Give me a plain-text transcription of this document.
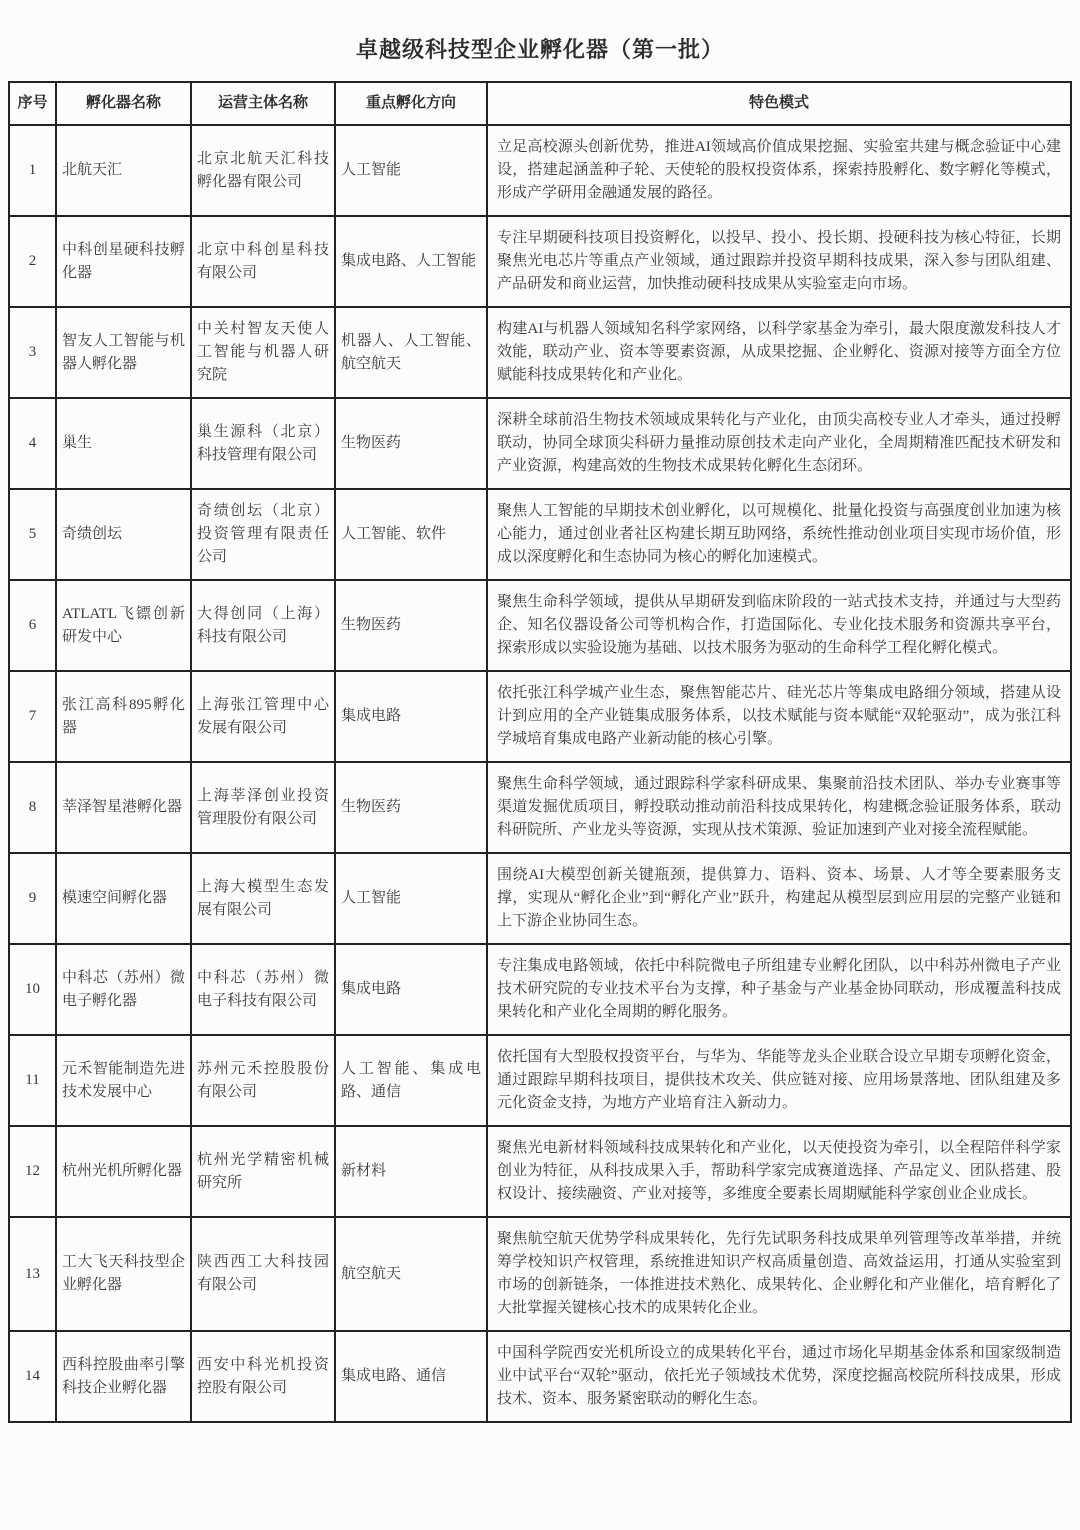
卓越级科技型企业孵化器（第一批）
序号	孵化器名称	运营主体名称	重点孵化方向	特色模式
1	北航天汇	北京北航天汇科技孵化器有限公司	人工智能	立足高校源头创新优势，推进AI领域高价值成果挖掘、实验室共建与概念验证中心建设，搭建起涵盖种子轮、天使轮的股权投资体系，探索持股孵化、数字孵化等模式，形成产学研用金融通发展的路径。
2	中科创星硬科技孵化器	北京中科创星科技有限公司	集成电路、人工智能	专注早期硬科技项目投资孵化，以投早、投小、投长期、投硬科技为核心特征，长期聚焦光电芯片等重点产业领域，通过跟踪并投资早期科技成果，深入参与团队组建、产品研发和商业运营，加快推动硬科技成果从实验室走向市场。
3	智友人工智能与机器人孵化器	中关村智友天使人工智能与机器人研究院	机器人、人工智能、航空航天	构建AI与机器人领域知名科学家网络，以科学家基金为牵引，最大限度激发科技人才效能，联动产业、资本等要素资源，从成果挖掘、企业孵化、资源对接等方面全方位赋能科技成果转化和产业化。
4	巢生	巢生源科（北京）科技管理有限公司	生物医药	深耕全球前沿生物技术领域成果转化与产业化，由顶尖高校专业人才牵头，通过投孵联动，协同全球顶尖科研力量推动原创技术走向产业化，全周期精准匹配技术研发和产业资源，构建高效的生物技术成果转化孵化生态闭环。
5	奇绩创坛	奇绩创坛（北京）投资管理有限责任公司	人工智能、软件	聚焦人工智能的早期技术创业孵化，以可规模化、批量化投资与高强度创业加速为核心能力，通过创业者社区构建长期互助网络，系统性推动创业项目实现市场价值，形成以深度孵化和生态协同为核心的孵化加速模式。
6	ATLATL飞镖创新研发中心	大得创同（上海）科技有限公司	生物医药	聚焦生命科学领域，提供从早期研发到临床阶段的一站式技术支持，并通过与大型药企、知名仪器设备公司等机构合作，打造国际化、专业化技术服务和资源共享平台，探索形成以实验设施为基础、以技术服务为驱动的生命科学工程化孵化模式。
7	张江高科895孵化器	上海张江管理中心发展有限公司	集成电路	依托张江科学城产业生态，聚焦智能芯片、硅光芯片等集成电路细分领域，搭建从设计到应用的全产业链集成服务体系，以技术赋能与资本赋能“双轮驱动”，成为张江科学城培育集成电路产业新动能的核心引擎。
8	莘泽智星港孵化器	上海莘泽创业投资管理股份有限公司	生物医药	聚焦生命科学领域，通过跟踪科学家科研成果、集聚前沿技术团队、举办专业赛事等渠道发掘优质项目，孵投联动推动前沿科技成果转化，构建概念验证服务体系，联动科研院所、产业龙头等资源，实现从技术策源、验证加速到产业对接全流程赋能。
9	模速空间孵化器	上海大模型生态发展有限公司	人工智能	围绕AI大模型创新关键瓶颈，提供算力、语料、资本、场景、人才等全要素服务支撑，实现从“孵化企业”到“孵化产业”跃升，构建起从模型层到应用层的完整产业链和上下游企业协同生态。
10	中科芯（苏州）微电子孵化器	中科芯（苏州）微电子科技有限公司	集成电路	专注集成电路领域，依托中科院微电子所组建专业孵化团队，以中科苏州微电子产业技术研究院的专业技术平台为支撑，种子基金与产业基金协同联动，形成覆盖科技成果转化和产业化全周期的孵化服务。
11	元禾智能制造先进技术发展中心	苏州元禾控股股份有限公司	人工智能、集成电路、通信	依托国有大型股权投资平台，与华为、华能等龙头企业联合设立早期专项孵化资金，通过跟踪早期科技项目，提供技术攻关、供应链对接、应用场景落地、团队组建及多元化资金支持，为地方产业培育注入新动力。
12	杭州光机所孵化器	杭州光学精密机械研究所	新材料	聚焦光电新材料领域科技成果转化和产业化，以天使投资为牵引，以全程陪伴科学家创业为特征，从科技成果入手，帮助科学家完成赛道选择、产品定义、团队搭建、股权设计、接续融资、产业对接等，多维度全要素长周期赋能科学家创业企业成长。
13	工大飞天科技型企业孵化器	陕西西工大科技园有限公司	航空航天	聚焦航空航天优势学科成果转化，先行先试职务科技成果单列管理等改革举措，并统筹学校知识产权管理，系统推进知识产权高质量创造、高效益运用，打通从实验室到市场的创新链条，一体推进技术熟化、成果转化、企业孵化和产业催化，培育孵化了大批掌握关键核心技术的成果转化企业。
14	西科控股曲率引擎科技企业孵化器	西安中科光机投资控股有限公司	集成电路、通信	中国科学院西安光机所设立的成果转化平台，通过市场化早期基金体系和国家级制造业中试平台“双轮”驱动，依托光子领域技术优势，深度挖掘高校院所科技成果，形成技术、资本、服务紧密联动的孵化生态。
